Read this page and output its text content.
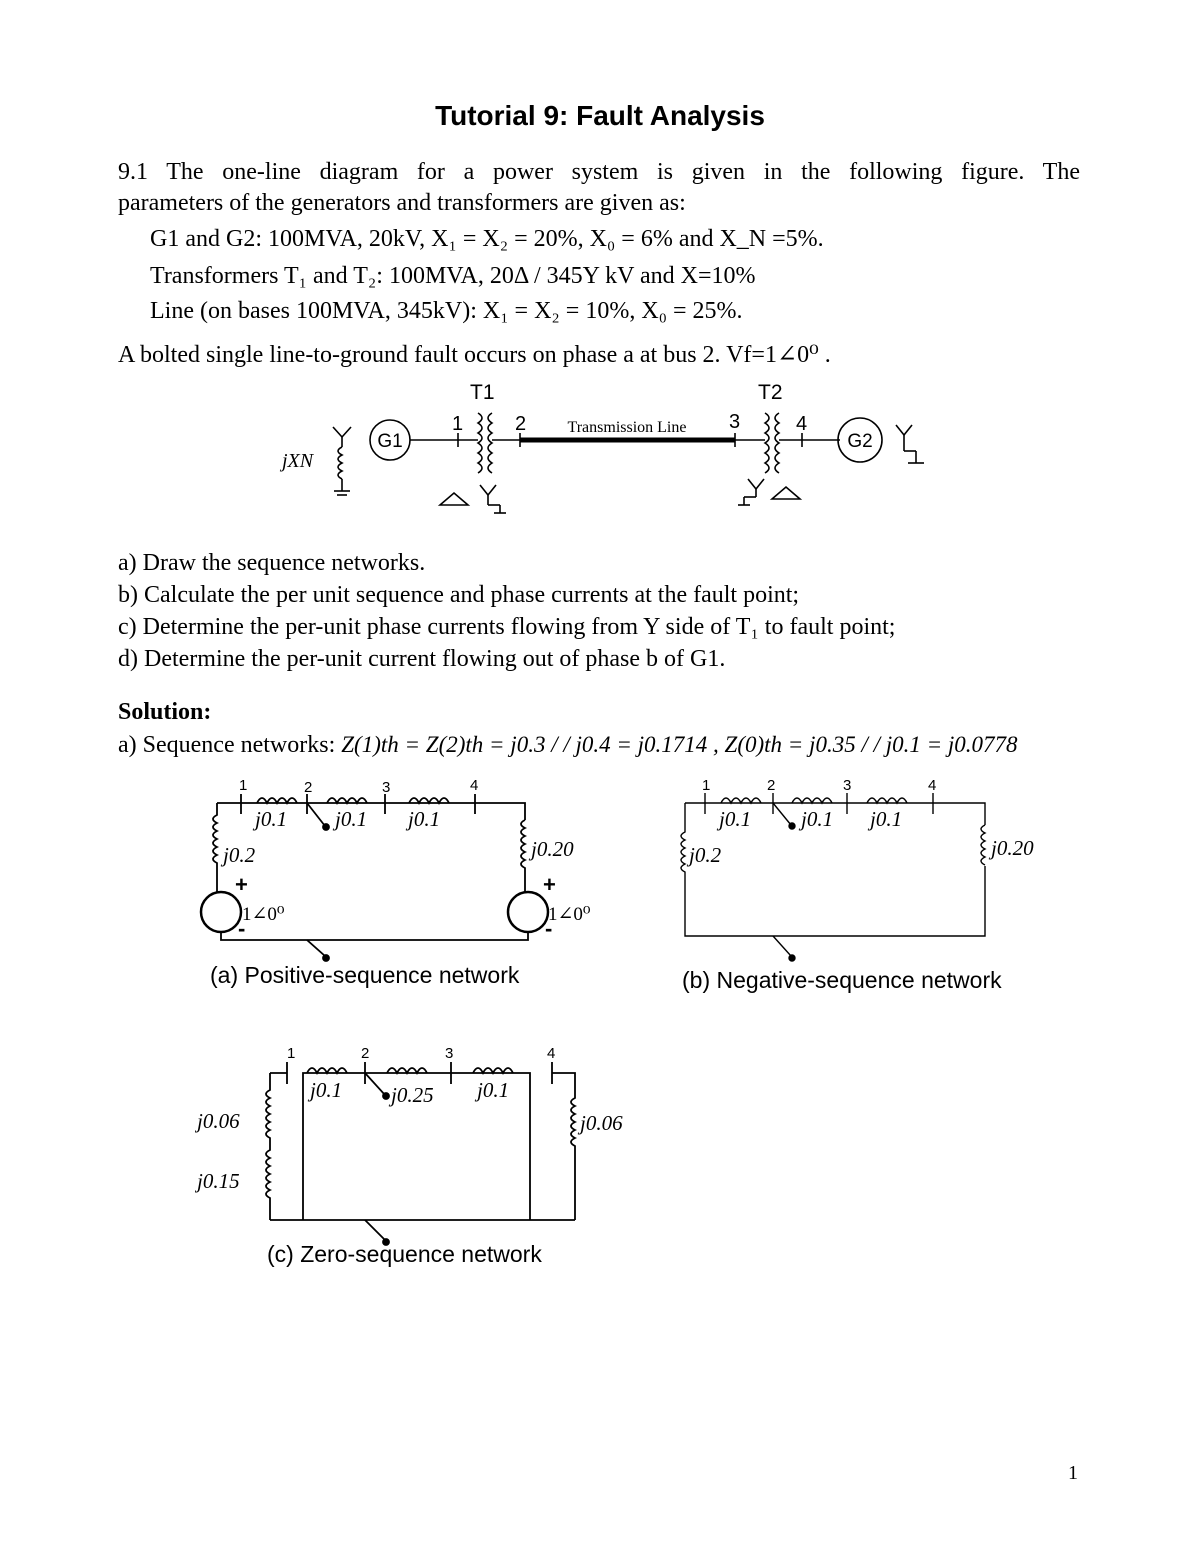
Tutorial 9: Fault Analysis
9.1 The one-line diagram for a power system is given in the following figure. The
parameters of the generators and transformers are given as:
G1 and G2: 100MVA, 20kV, X₁ = X₂ = 20%, X₀ = 6% and X_N =5%.
Transformers T₁ and T₂: 100MVA, 20Δ / 345Y kV and X=10%
Line (on bases 100MVA, 345kV): X₁ = X₂ = 10%, X₀ = 25%.
A bolted single line-to-ground fault occurs on phase a at bus 2. Vf=1∠0⁰ .
jXN
G1
1
T1
2	Transmission Line 3
T2
4
G2
a) Draw the sequence networks.
b) Calculate the per unit sequence and phase currents at the fault point;
c) Determine the per-unit phase currents flowing from Y side of T₁ to fault point;
d) Determine the per-unit current flowing out of phase b of G1.
Solution:
a) Sequence networks: Z(1)th = Z(2)th = j0.3 / / j0.4 = j0.1714 , Z(0)th = j0.35 / / j0.1 = j0.0778
1	2	3	4
j0.1 j0.1 j0.1
j0.2	j0.20
+
1∠0⁰
-
+
1∠0⁰
-
(a) Positive-sequence network
1	2	3	4
j0.1 j0.1 j0.1
j0.2	j0.20
(b) Negative-sequence network
1	2	3	4
j0.06
j0.15
j0.1 j0.25 j0.1
j0.06
(c) Zero-sequence network
1
